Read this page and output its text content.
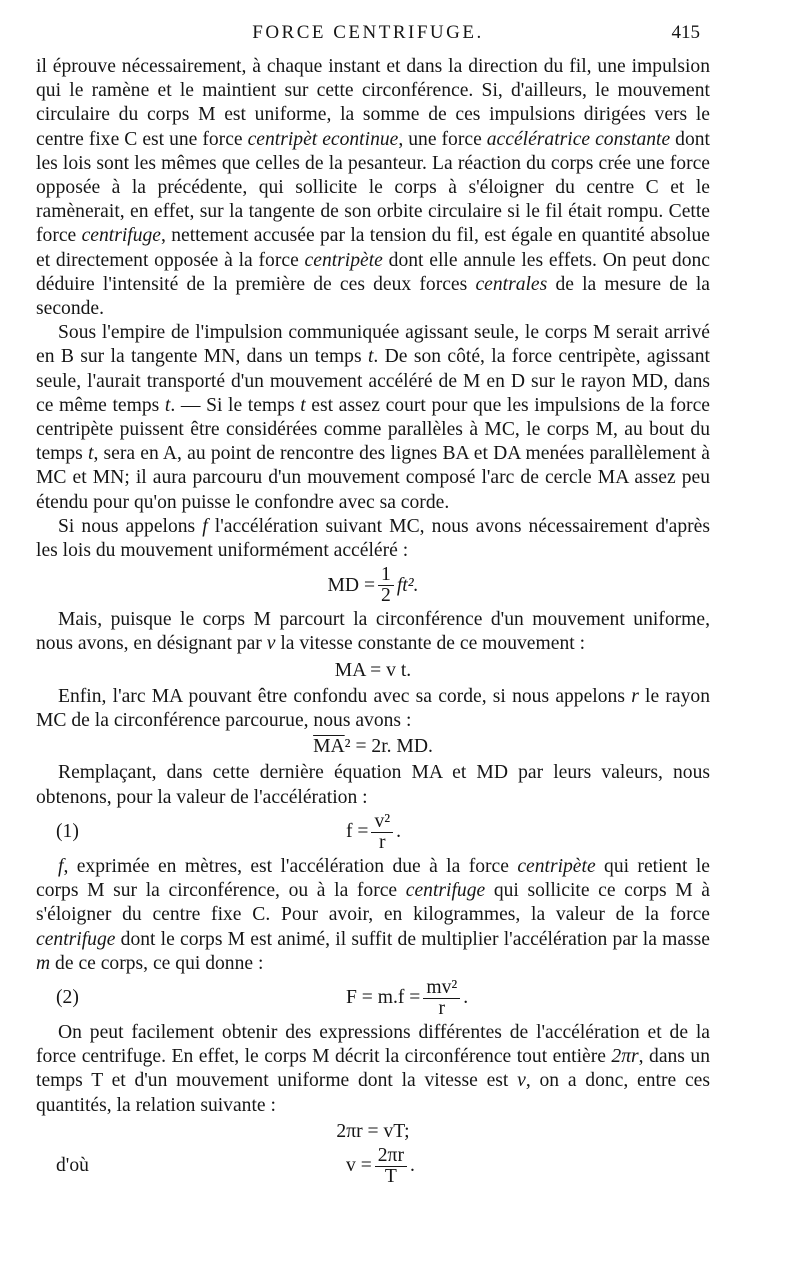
FORCE CENTRIFUGE.	415

il éprouve nécessairement, à chaque instant et dans la direction du fil, une impulsion qui le ramène et le maintient sur cette circonférence. Si, d'ailleurs, le mouvement circulaire du corps M est uniforme, la somme de ces impulsions dirigées vers le centre fixe C est une force centripèt econtinue, une force accélératrice constante dont les lois sont les mêmes que celles de la pesanteur. La réaction du corps crée une force opposée à la précédente, qui sollicite le corps à s'éloigner du centre C et le ramènerait, en effet, sur la tangente de son orbite circulaire si le fil était rompu. Cette force centrifuge, nettement accusée par la tension du fil, est égale en quantité absolue et directement opposée à la force centripète dont elle annule les effets. On peut donc déduire l'intensité de la première de ces deux forces centrales de la mesure de la seconde.

Sous l'empire de l'impulsion communiquée agissant seule, le corps M serait arrivé en B sur la tangente MN, dans un temps t. De son côté, la force centripète, agissant seule, l'aurait transporté d'un mouvement accéléré de M en D sur le rayon MD, dans ce même temps t. — Si le temps t est assez court pour que les impulsions de la force centripète puissent être considérées comme parallèles à MC, le corps M, au bout du temps t, sera en A, au point de rencontre des lignes BA et DA menées parallèlement à MC et MN; il aura parcouru d'un mouvement composé l'arc de cercle MA assez peu étendu pour qu'on puisse le confondre avec sa corde.

Si nous appelons f l'accélération suivant MC, nous avons nécessairement d'après les lois du mouvement uniformément accéléré :

MD = $\frac{1}{2} ft^2$.

Mais, puisque le corps M parcourt la circonférence d'un mouvement uniforme, nous avons, en désignant par v la vitesse constante de ce mouvement :

MA = v t.

Enfin, l'arc MA pouvant être confondu avec sa corde, si nous appelons r le rayon MC de la circonférence parcourue, nous avons :

$\overline{MA}$ ² = 2r. MD.

Remplaçant, dans cette dernière équation MA et MD par leurs valeurs, nous obtenons, pour la valeur de l'accélération :

(1)	$f = \frac{\text{v²}}{r}$ .

f, exprimée en mètres, est l'accélération due à la force centripète qui retient le corps M sur la circonférence, ou à la force centrifuge qui sollicite ce corps M à s'éloigner du centre fixe C. Pour avoir, en kilogrammes, la valeur de la force centrifuge dont le corps M est animé, il suffit de multiplier l'accélération par la masse m de ce corps, ce qui donne :

(2)	$F = m.f = \frac{\text{mv²}}{r}$ .

On peut facilement obtenir des expressions différentes de l'accélération et de la force centrifuge. En effet, le corps M décrit la circonférence tout entière 2πr, dans un temps T et d'un mouvement uniforme dont la vitesse est v, on a donc, entre ces quantités, la relation suivante :

2πr = vT;
d'où	$v = \frac{2\pi r}{T}$ .
